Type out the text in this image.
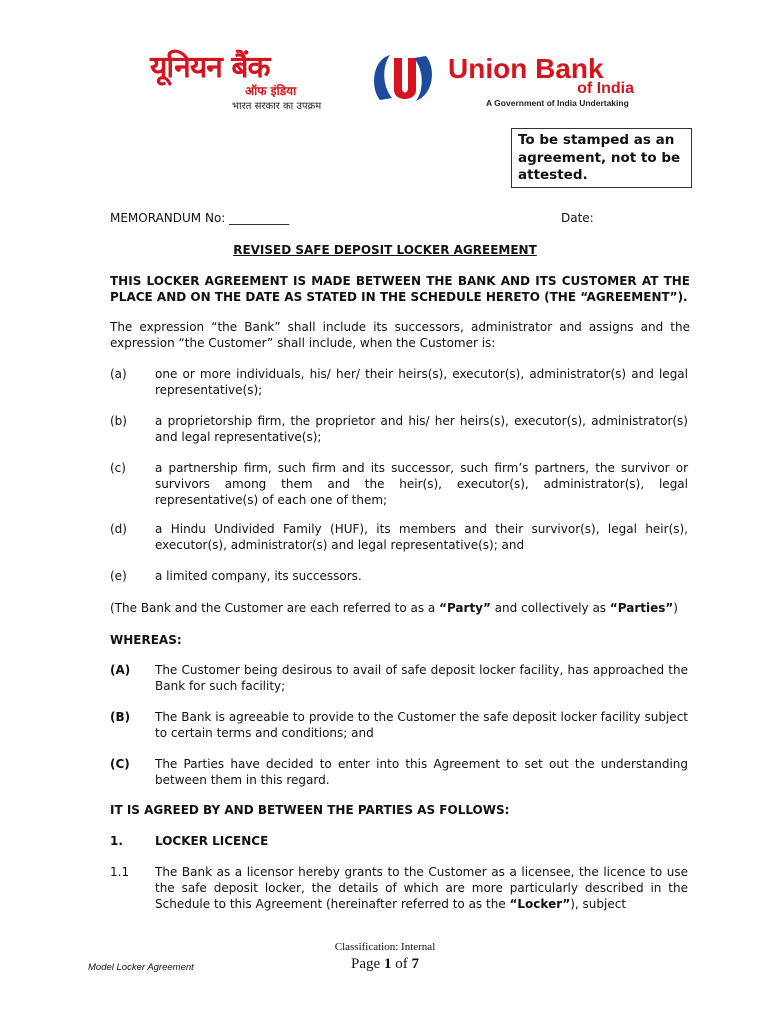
यूनियन बैंक
ऑफ इंडिया
भारत सरकार का उपक्रम
Union Bank
of India
A Government of India Undertaking
To be stamped as an agreement, not to be attested.
MEMORANDUM No: __________	Date:
REVISED SAFE DEPOSIT LOCKER AGREEMENT
THIS LOCKER AGREEMENT IS MADE BETWEEN THE BANK AND ITS CUSTOMER AT THE PLACE AND ON THE DATE AS STATED IN THE SCHEDULE HERETO (THE “AGREEMENT”).
The expression “the Bank” shall include its successors, administrator and assigns and the expression “the Customer” shall include, when the Customer is:
(a) one or more individuals, his/ her/ their heirs(s), executor(s), administrator(s) and legal representative(s);
(b) a proprietorship firm, the proprietor and his/ her heirs(s), executor(s), administrator(s) and legal representative(s);
(c) a partnership firm, such firm and its successor, such firm’s partners, the survivor or survivors among them and the heir(s), executor(s), administrator(s), legal representative(s) of each one of them;
(d) a Hindu Undivided Family (HUF), its members and their survivor(s), legal heir(s), executor(s), administrator(s) and legal representative(s); and
(e) a limited company, its successors.
(The Bank and the Customer are each referred to as a “Party” and collectively as “Parties”)
WHEREAS:
(A) The Customer being desirous to avail of safe deposit locker facility, has approached the Bank for such facility;
(B) The Bank is agreeable to provide to the Customer the safe deposit locker facility subject to certain terms and conditions; and
(C) The Parties have decided to enter into this Agreement to set out the understanding between them in this regard.
IT IS AGREED BY AND BETWEEN THE PARTIES AS FOLLOWS:
1.	LOCKER LICENCE
1.1 The Bank as a licensor hereby grants to the Customer as a licensee, the licence to use the safe deposit locker, the details of which are more particularly described in the Schedule to this Agreement (hereinafter referred to as the “Locker”), subject
Classification: Internal
Model Locker Agreement	Page 1 of 7
